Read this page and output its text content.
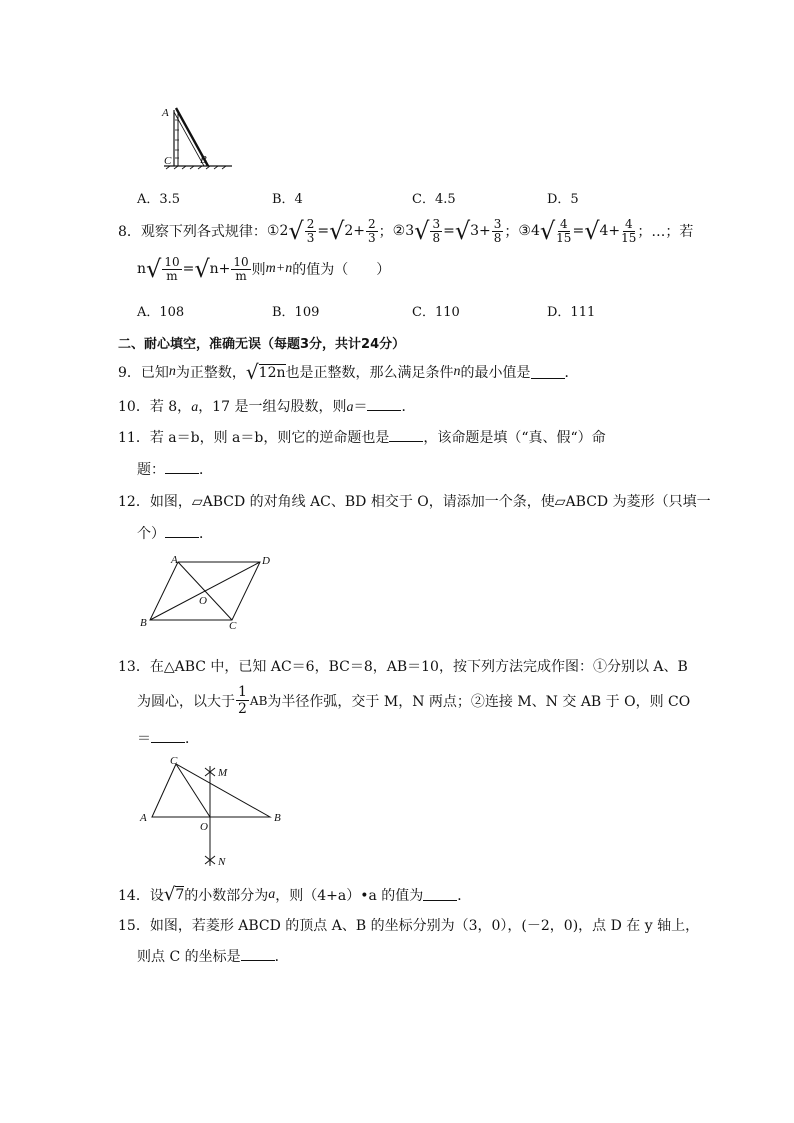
A
C	B
A．3.5	B．4	C．4.5	D．5
8． 观察下列各式规律： ① 2 √ $\frac{2}{3}$ = √ $2+ \frac{2}{3}$ ； ② 3 √ $\frac{3}{8}$ = √ $3+ \frac{3}{8}$ ； ③ 4 √ $\frac{4}{15}$ = √ $4+ \frac{4}{15}$ ；…；若
n √ $\frac{10}{m}$ = √ $n+ \frac{10}{m}$ 则 m+n 的值为（　　）
A．108	B．109	C．110	D．111
二、耐心填空，准确无误（每题3分，共计24分）
9． 已知 n 为正整数， √ 12n 也是正整数，那么满足条件 n 的最小值是 ．
10．若 8，a，17 是一组勾股数，则a＝ ．
11．若 a＝b，则 a＝b，则它的逆命题也是 ，该命题是填（“真、假“）命
题： ．
12．如图，▱ABCD 的对角线 AC、BD 相交于 O，请添加一个条，使▱ABCD 为菱形（只填一
个） ．
A	D
B	C
O
13．在△ABC 中，已知 AC＝6，BC＝8，AB＝10，按下列方法完成作图：①分别以 A、B
为圆心，以大于 $\frac{1}{2}$ AB 为半径作弧，交于 M，N 两点；②连接 M、N 交 AB 于 O，则 CO
＝ ．
C
M
A
O
B
N
14． 设 √ 7 的小数部分为 a ，则（4+a）•a 的值为 ．
15．如图，若菱形 ABCD 的顶点 A、B 的坐标分别为（3，0），(－2，0)，点 D 在 y 轴上，
则点 C 的坐标是 ．
